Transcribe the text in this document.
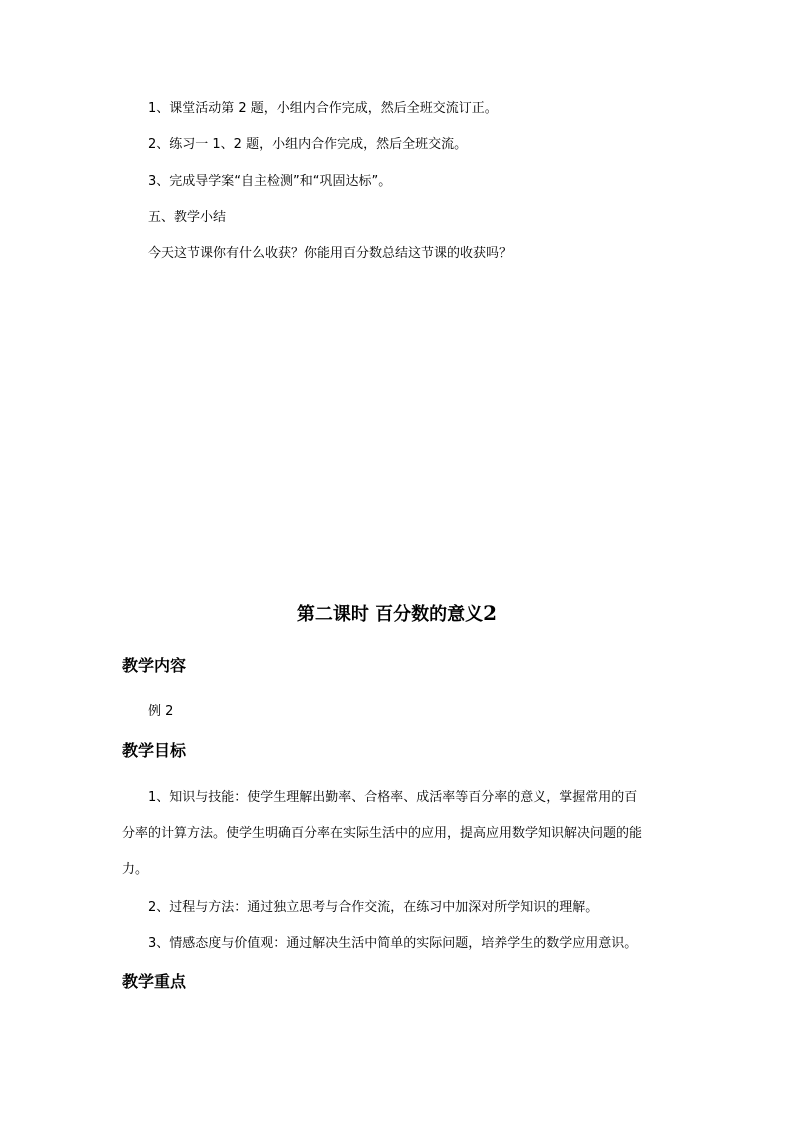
1、课堂活动第 2 题，小组内合作完成，然后全班交流订正。
2、练习一 1、2 题，小组内合作完成，然后全班交流。
3、完成导学案“自主检测”和“巩固达标”。
五、教学小结
今天这节课你有什么收获？你能用百分数总结这节课的收获吗？
第二课时 百分数的意义2
教学内容
例 2
教学目标
1、知识与技能：使学生理解出勤率、合格率、成活率等百分率的意义，掌握常用的百
分率的计算方法。使学生明确百分率在实际生活中的应用，提高应用数学知识解决问题的能
力。
2、过程与方法：通过独立思考与合作交流，在练习中加深对所学知识的理解。
3、情感态度与价值观：通过解决生活中简单的实际问题，培养学生的数学应用意识。
教学重点
